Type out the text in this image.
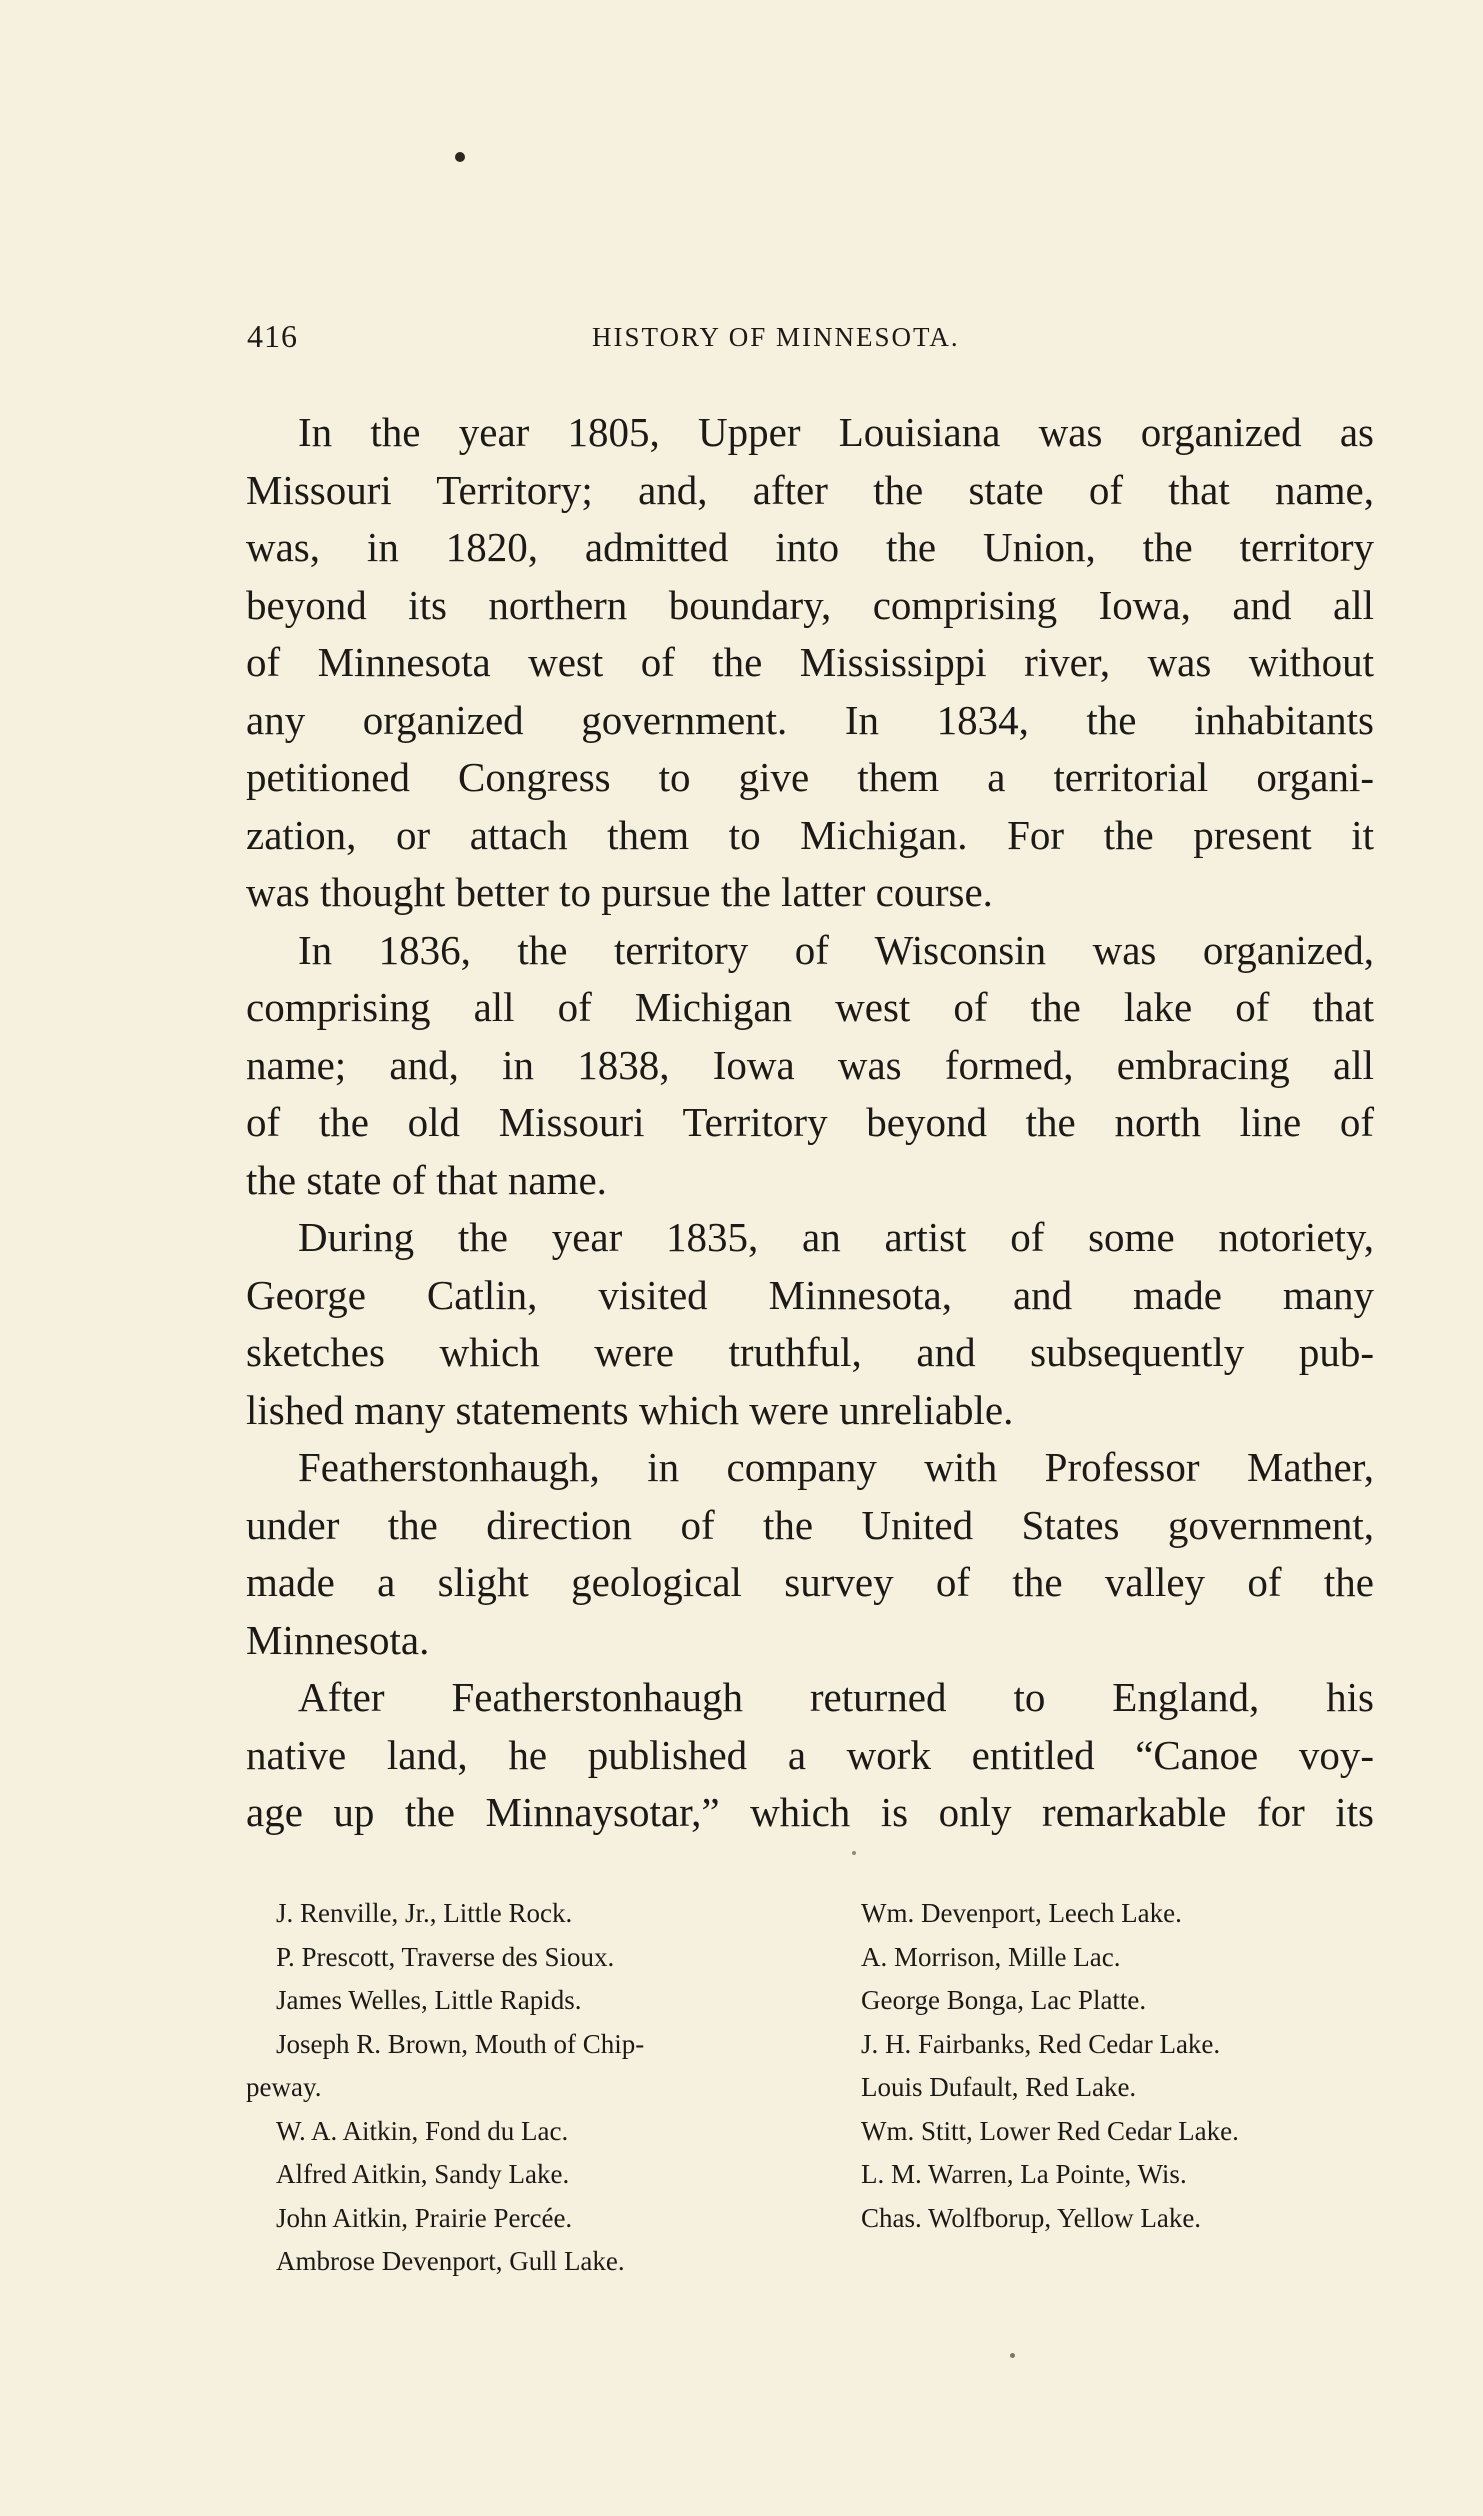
416	HISTORY OF MINNESOTA.
In the year 1805, Upper Louisiana was organized as
Missouri Territory; and, after the state of that name,
was, in 1820, admitted into the Union, the territory
beyond its northern boundary, comprising Iowa, and all
of Minnesota west of the Mississippi river, was without
any organized government. In 1834, the inhabitants
petitioned Congress to give them a territorial organi-
zation, or attach them to Michigan. For the present it
was thought better to pursue the latter course.
In 1836, the territory of Wisconsin was organized,
comprising all of Michigan west of the lake of that
name; and, in 1838, Iowa was formed, embracing all
of the old Missouri Territory beyond the north line of
the state of that name.
During the year 1835, an artist of some notoriety,
George Catlin, visited Minnesota, and made many
sketches which were truthful, and subsequently pub-
lished many statements which were unreliable.
Featherstonhaugh, in company with Professor Mather,
under the direction of the United States government,
made a slight geological survey of the valley of the
Minnesota.
After Featherstonhaugh returned to England, his
native land, he published a work entitled “Canoe voy-
age up the Minnaysotar,” which is only remarkable for its
J. Renville, Jr., Little Rock.
P. Prescott, Traverse des Sioux.
James Welles, Little Rapids.
Joseph R. Brown, Mouth of Chip-
peway.
W. A. Aitkin, Fond du Lac.
Alfred Aitkin, Sandy Lake.
John Aitkin, Prairie Percée.
Ambrose Devenport, Gull Lake.
Wm. Devenport, Leech Lake.
A. Morrison, Mille Lac.
George Bonga, Lac Platte.
J. H. Fairbanks, Red Cedar Lake.
Louis Dufault, Red Lake.
Wm. Stitt, Lower Red Cedar Lake.
L. M. Warren, La Pointe, Wis.
Chas. Wolfborup, Yellow Lake.
